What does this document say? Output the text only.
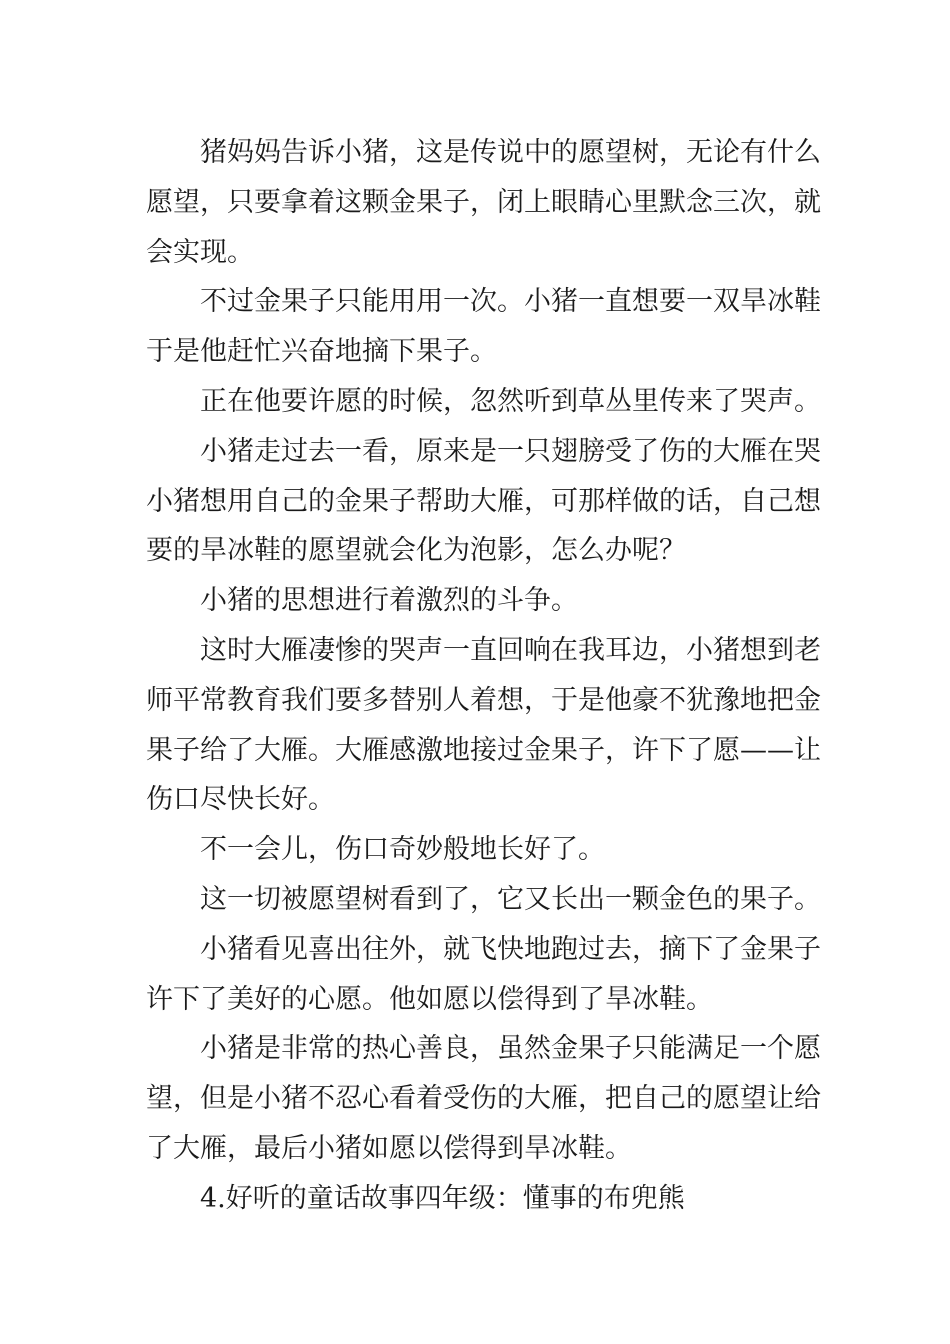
猪妈妈告诉小猪，这是传说中的愿望树，无论有什么
愿望，只要拿着这颗金果子，闭上眼睛心里默念三次，就
会实现。
不过金果子只能用用一次。小猪一直想要一双旱冰鞋
于是他赶忙兴奋地摘下果子。
正在他要许愿的时候，忽然听到草丛里传来了哭声。
小猪走过去一看，原来是一只翅膀受了伤的大雁在哭
小猪想用自己的金果子帮助大雁，可那样做的话，自己想
要的旱冰鞋的愿望就会化为泡影，怎么办呢？
小猪的思想进行着激烈的斗争。
这时大雁凄惨的哭声一直回响在我耳边，小猪想到老
师平常教育我们要多替别人着想，于是他豪不犹豫地把金
果子给了大雁。大雁感激地接过金果子，许下了愿——让
伤口尽快长好。
不一会儿，伤口奇妙般地长好了。
这一切被愿望树看到了，它又长出一颗金色的果子。
小猪看见喜出往外，就飞快地跑过去，摘下了金果子
许下了美好的心愿。他如愿以偿得到了旱冰鞋。
小猪是非常的热心善良，虽然金果子只能满足一个愿
望，但是小猪不忍心看着受伤的大雁，把自己的愿望让给
了大雁，最后小猪如愿以偿得到旱冰鞋。
4.好听的童话故事四年级：懂事的布兜熊
